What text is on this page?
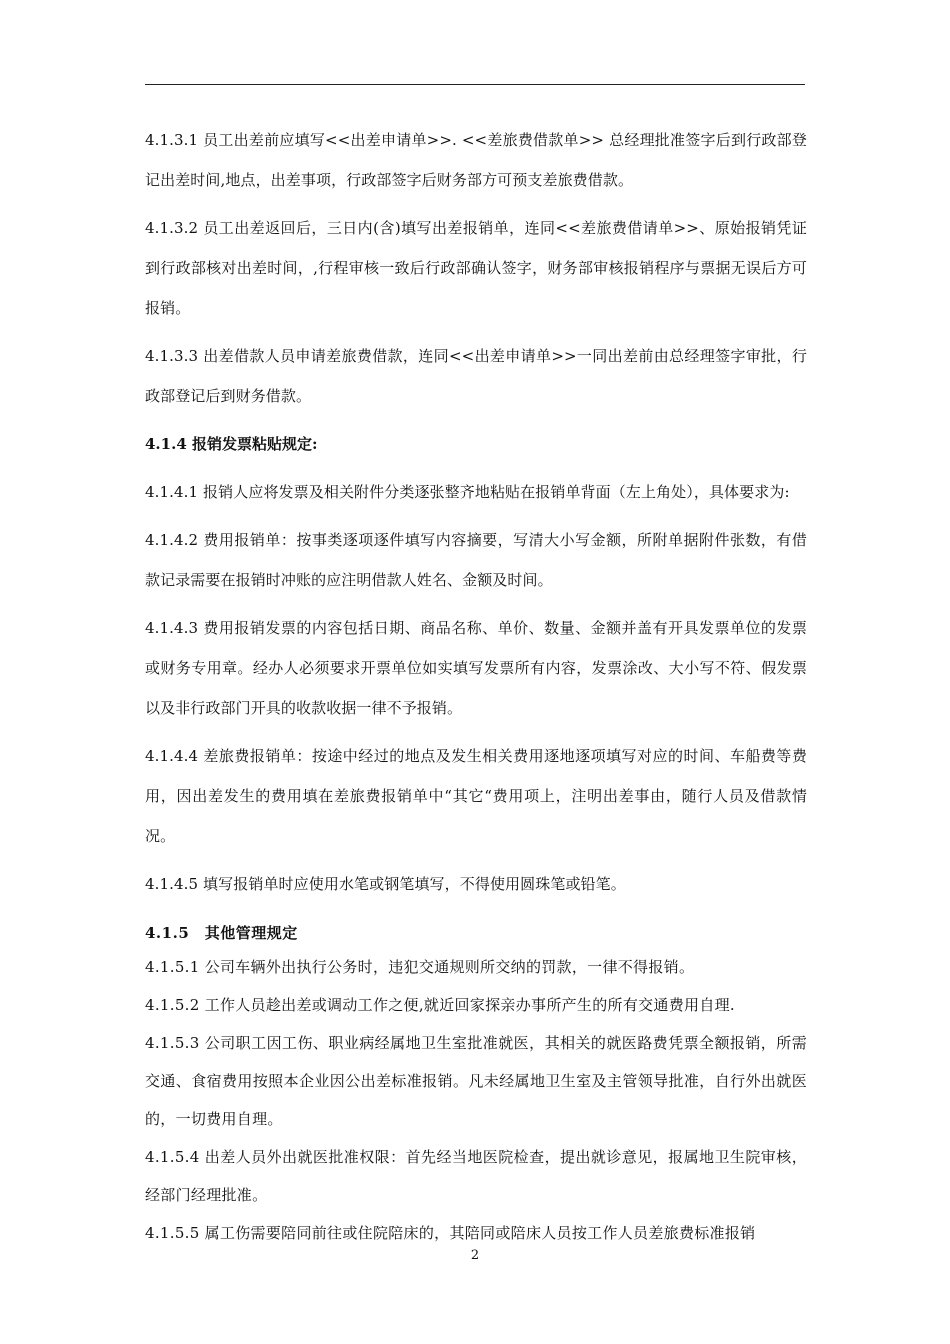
4.1.3.1 员工出差前应填写<<出差申请单>>. <<差旅费借款单>> 总经理批准签字后到行政部登记出差时间,地点，出差事项，行政部签字后财务部方可预支差旅费借款。

4.1.3.2 员工出差返回后，三日内(含)填写出差报销单，连同<<差旅费借请单>>、原始报销凭证到行政部核对出差时间，,行程审核一致后行政部确认签字，财务部审核报销程序与票据无误后方可报销。

4.1.3.3 出差借款人员申请差旅费借款，连同<<出差申请单>>一同出差前由总经理签字审批，行政部登记后到财务借款。

4.1.4 报销发票粘贴规定:

4.1.4.1 报销人应将发票及相关附件分类逐张整齐地粘贴在报销单背面（左上角处），具体要求为:

4.1.4.2 费用报销单：按事类逐项逐件填写内容摘要，写清大小写金额，所附单据附件张数，有借款记录需要在报销时冲账的应注明借款人姓名、金额及时间。

4.1.4.3 费用报销发票的内容包括日期、商品名称、单价、数量、金额并盖有开具发票单位的发票或财务专用章。经办人必须要求开票单位如实填写发票所有内容，发票涂改、大小写不符、假发票以及非行政部门开具的收款收据一律不予报销。

4.1.4.4 差旅费报销单：按途中经过的地点及发生相关费用逐地逐项填写对应的时间、车船费等费用，因出差发生的费用填在差旅费报销单中“其它“费用项上，注明出差事由，随行人员及借款情况。

4.1.4.5 填写报销单时应使用水笔或钢笔填写，不得使用圆珠笔或铅笔。

4.1.5　其他管理规定

4.1.5.1 公司车辆外出执行公务时，违犯交通规则所交纳的罚款，一律不得报销。

4.1.5.2 工作人员趁出差或调动工作之便,就近回家探亲办事所产生的所有交通费用自理.

4.1.5.3 公司职工因工伤、职业病经属地卫生室批准就医，其相关的就医路费凭票全额报销，所需交通、食宿费用按照本企业因公出差标准报销。凡未经属地卫生室及主管领导批准，自行外出就医的，一切费用自理。

4.1.5.4 出差人员外出就医批准权限：首先经当地医院检查，提出就诊意见，报属地卫生院审核，经部门经理批准。

4.1.5.5 属工伤需要陪同前往或住院陪床的，其陪同或陪床人员按工作人员差旅费标准报销

2
